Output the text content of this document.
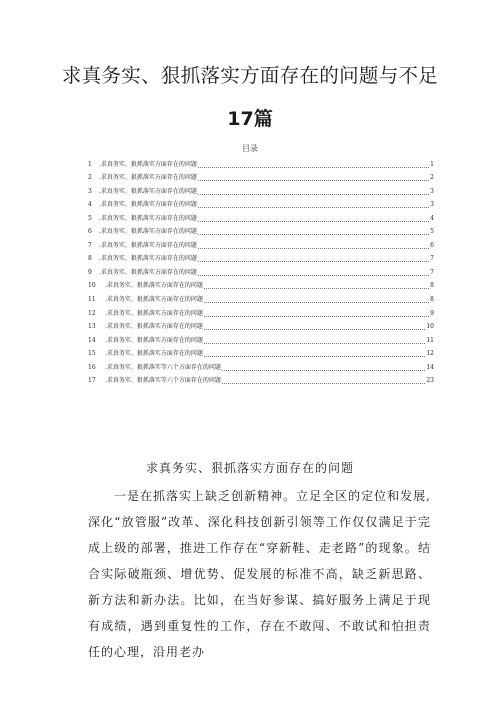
求真务实、狠抓落实方面存在的问题与不足
17篇
目录
1	.求真务实、狠抓落实方面存在的问题	1
2	.求真务实、狠抓落实方面存在的问题	2
3	.求真务实、狠抓落实方面存在的问题	3
4	.求真务实、狠抓落实方面存在的问题	3
5	.求真务实、狠抓落实方面存在的问题	4
6	.求真务实、狠抓落实方面存在的问题	5
7	.求真务实、狠抓落实方面存在的问题	6
8	.求真务实、狠抓落实方面存在的问题	7
9	.求真务实、狠抓落实方面存在的问题	7
10	.求真务实、狠抓落实方面存在的问题	8
11	.求真务实、狠抓落实方面存在的问题	8
12	.求真务实、狠抓落实方面存在的问题	9
13	.求真务实、狠抓落实方面存在的问题	10
14	.求真务实、狠抓落实方面存在的问题	11
15	.求真务实、狠抓落实方面存在的问题	12
16	.求真务实、狠抓落实等六个方面存在的问题	14
17	.求真务实、狠抓落实等六个方面存在的问题	23
求真务实、狠抓落实方面存在的问题

一是在抓落实上缺乏创新精神。立足全区的定位和发展,深化“放管服”改革、深化科技创新引领等工作仅仅满足于完成上级的部署，推进工作存在“穿新鞋、走老路”的现象。结合实际破瓶颈、增优势、促发展的标准不高，缺乏新思路、新方法和新办法。比如，在当好参谋、搞好服务上满足于现有成绩，遇到重复性的工作，存在不敢闯、不敢试和怕担责任的心理，沿用老办
